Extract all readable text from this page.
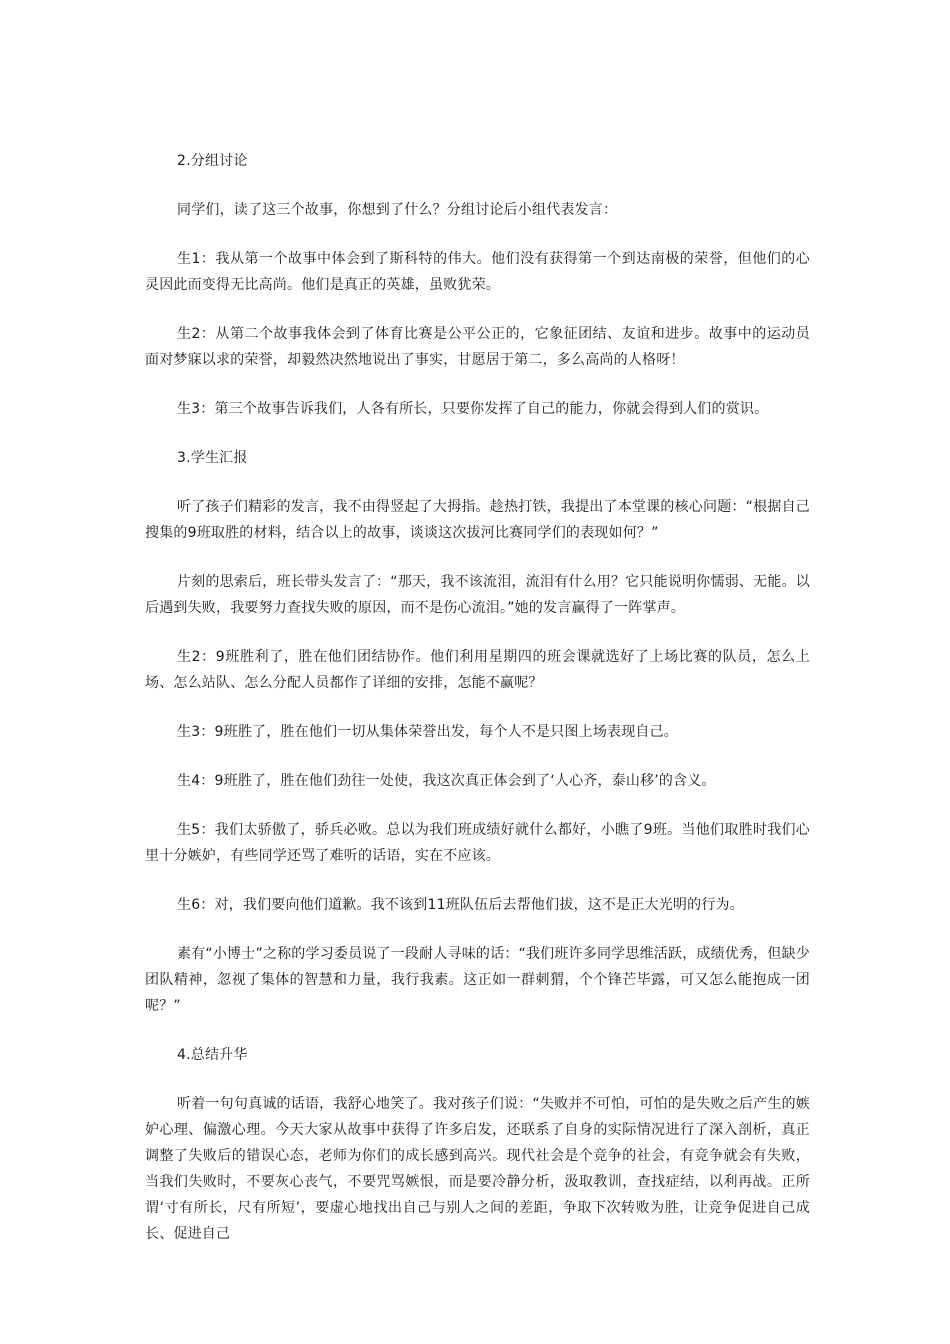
2.分组讨论

同学们，读了这三个故事，你想到了什么？分组讨论后小组代表发言：

生1：我从第一个故事中体会到了斯科特的伟大。他们没有获得第一个到达南极的荣誉，但他们的心灵因此而变得无比高尚。他们是真正的英雄，虽败犹荣。

生2：从第二个故事我体会到了体育比赛是公平公正的，它象征团结、友谊和进步。故事中的运动员面对梦寐以求的荣誉，却毅然决然地说出了事实，甘愿居于第二，多么高尚的人格呀！

生3：第三个故事告诉我们，人各有所长，只要你发挥了自己的能力，你就会得到人们的赏识。

3.学生汇报

听了孩子们精彩的发言，我不由得竖起了大拇指。趁热打铁，我提出了本堂课的核心问题：“根据自己搜集的9班取胜的材料，结合以上的故事，谈谈这次拔河比赛同学们的表现如何？”

片刻的思索后，班长带头发言了：“那天，我不该流泪，流泪有什么用？它只能说明你懦弱、无能。以后遇到失败，我要努力查找失败的原因，而不是伤心流泪。”她的发言赢得了一阵掌声。

生2：9班胜利了，胜在他们团结协作。他们利用星期四的班会课就选好了上场比赛的队员，怎么上场、怎么站队、怎么分配人员都作了详细的安排，怎能不赢呢？

生3：9班胜了，胜在他们一切从集体荣誉出发，每个人不是只图上场表现自己。

生4：9班胜了，胜在他们劲往一处使，我这次真正体会到了‘人心齐，泰山移’的含义。

生5：我们太骄傲了，骄兵必败。总以为我们班成绩好就什么都好，小瞧了9班。当他们取胜时我们心里十分嫉妒，有些同学还骂了难听的话语，实在不应该。

生6：对，我们要向他们道歉。我不该到11班队伍后去帮他们拔，这不是正大光明的行为。

素有“小博士”之称的学习委员说了一段耐人寻味的话：“我们班许多同学思维活跃，成绩优秀，但缺少团队精神，忽视了集体的智慧和力量，我行我素。这正如一群刺猬，个个锋芒毕露，可又怎么能抱成一团呢？”

4.总结升华

听着一句句真诚的话语，我舒心地笑了。我对孩子们说：“失败并不可怕，可怕的是失败之后产生的嫉妒心理、偏激心理。今天大家从故事中获得了许多启发，还联系了自身的实际情况进行了深入剖析，真正调整了失败后的错误心态，老师为你们的成长感到高兴。现代社会是个竞争的社会，有竞争就会有失败，当我们失败时，不要灰心丧气，不要咒骂嫉恨，而是要冷静分析，汲取教训，查找症结，以利再战。正所谓‘寸有所长，尺有所短’，要虚心地找出自己与别人之间的差距，争取下次转败为胜，让竞争促进自己成长、促进自己
